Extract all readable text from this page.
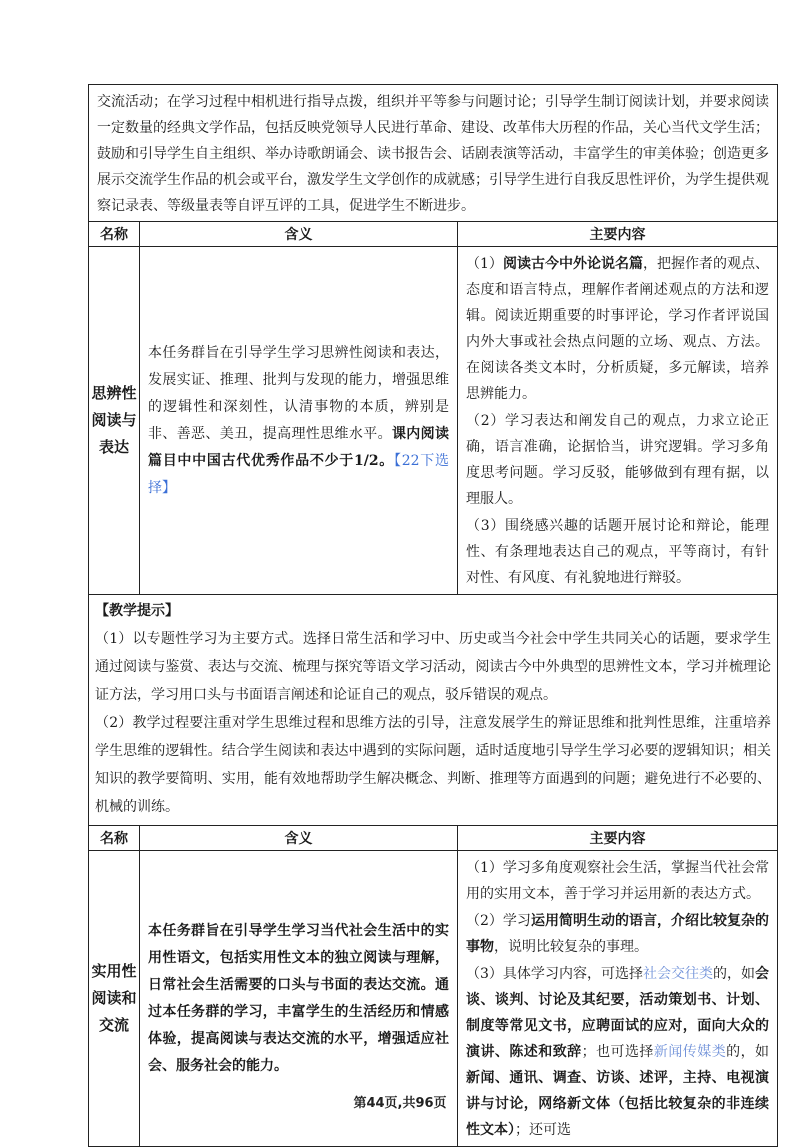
交流活动；在学习过程中相机进行指导点拨，组织并平等参与问题讨论；引导学生制订阅读计划，并要求阅读一定数量的经典文学作品，包括反映党领导人民进行革命、建设、改革伟大历程的作品，关心当代文学生活；鼓励和引导学生自主组织、举办诗歌朗诵会、读书报告会、话剧表演等活动，丰富学生的审美体验；创造更多展示交流学生作品的机会或平台，激发学生文学创作的成就感；引导学生进行自我反思性评价，为学生提供观察记录表、等级量表等自评互评的工具，促进学生不断进步。		
名称	含义	主要内容
思辨性阅读与表达	本任务群旨在引导学生学习思辨性阅读和表达，发展实证、推理、批判与发现的能力，增强思维的逻辑性和深刻性，认清事物的本质，辨别是非、善恶、美丑，提高理性思维水平。课内阅读篇目中中国古代优秀作品不少于1/2。【22下选择】	（1）阅读古今中外论说名篇，把握作者的观点、态度和语言特点，理解作者阐述观点的方法和逻辑。阅读近期重要的时事评论，学习作者评说国内外大事或社会热点问题的立场、观点、方法。在阅读各类文本时，分析质疑，多元解读，培养思辨能力。

（2）学习表达和阐发自己的观点，力求立论正确，语言准确，论据恰当，讲究逻辑。学习多角度思考问题。学习反驳，能够做到有理有据，以理服人。

（3）围绕感兴趣的话题开展讨论和辩论，能理性、有条理地表达自己的观点，平等商讨，有针对性、有风度、有礼貌地进行辩驳。

【教学提示】

（1）以专题性学习为主要方式。选择日常生活和学习中、历史或当今社会中学生共同关心的话题，要求学生通过阅读与鉴赏、表达与交流、梳理与探究等语文学习活动，阅读古今中外典型的思辨性文本，学习并梳理论证方法，学习用口头与书面语言阐述和论证自己的观点，驳斥错误的观点。

（2）教学过程要注重对学生思维过程和思维方法的引导，注意发展学生的辩证思维和批判性思维，注重培养学生思维的逻辑性。结合学生阅读和表达中遇到的实际问题，适时适度地引导学生学习必要的逻辑知识；相关知识的教学要简明、实用，能有效地帮助学生解决概念、判断、推理等方面遇到的问题；避免进行不必要的、机械的训练。		

名称	含义	主要内容
实用性阅读和交流	本任务群旨在引导学生学习当代社会生活中的实用性语文，包括实用性文本的独立阅读与理解，日常社会生活需要的口头与书面的表达交流。通过本任务群的学习，丰富学生的生活经历和情感体验，提高阅读与表达交流的水平，增强适应社会、服务社会的能力。	（1）学习多角度观察社会生活，掌握当代社会常用的实用文本，善于学习并运用新的表达方式。

（2）学习运用简明生动的语言，介绍比较复杂的事物，说明比较复杂的事理。

（3）具体学习内容，可选择社会交往类的，如会谈、谈判、讨论及其纪要，活动策划书、计划、制度等常见文书，应聘面试的应对，面向大众的演讲、陈述和致辞；也可选择新闻传媒类的，如新闻、通讯、调查、访谈、述评，主持、电视演讲与讨论，网络新文体（包括比较复杂的非连续性文本）；还可选

第44页,共96页
